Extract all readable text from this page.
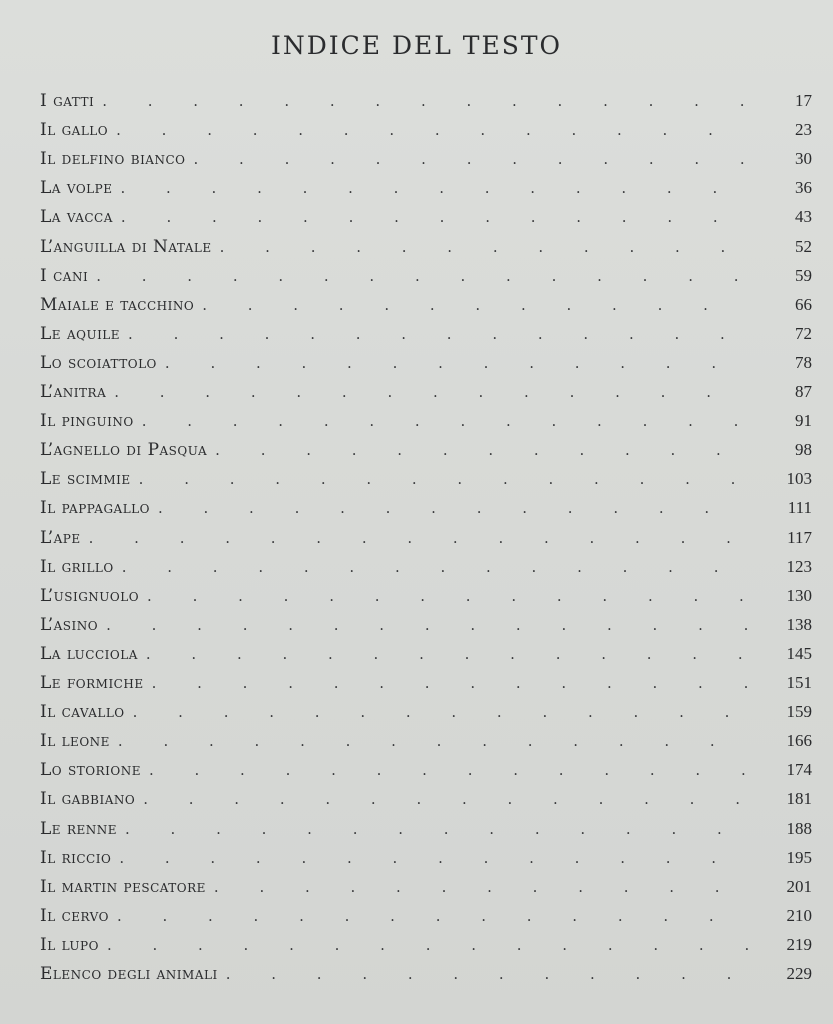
INDICE DEL TESTO
I gatti . . .	17
Il gallo . . .	23
Il delfino bianco . . .	30
La volpe . . .	36
La vacca . . .	43
L’anguilla di Natale . . .	52
I cani . . .	59
Maiale e tacchino . . .	66
Le aquile . . .	72
Lo scoiattolo . . .	78
L’anitra . . .	87
Il pinguino . . .	91
L’agnello di Pasqua . . .	98
Le scimmie . . .	103
Il pappagallo . . .	111
L’ape . . .	117
Il grillo . . .	123
L’usignuolo . . .	130
L’asino . . .	138
La lucciola . . .	145
Le formiche . . .	151
Il cavallo . . .	159
Il leone . . .	166
Lo storione . . .	174
Il gabbiano . . .	181
Le renne . . .	188
Il riccio . . .	195
Il martin pescatore . . .	201
Il cervo . . .	210
Il lupo . . .	219
Elenco degli animali . . .	229
